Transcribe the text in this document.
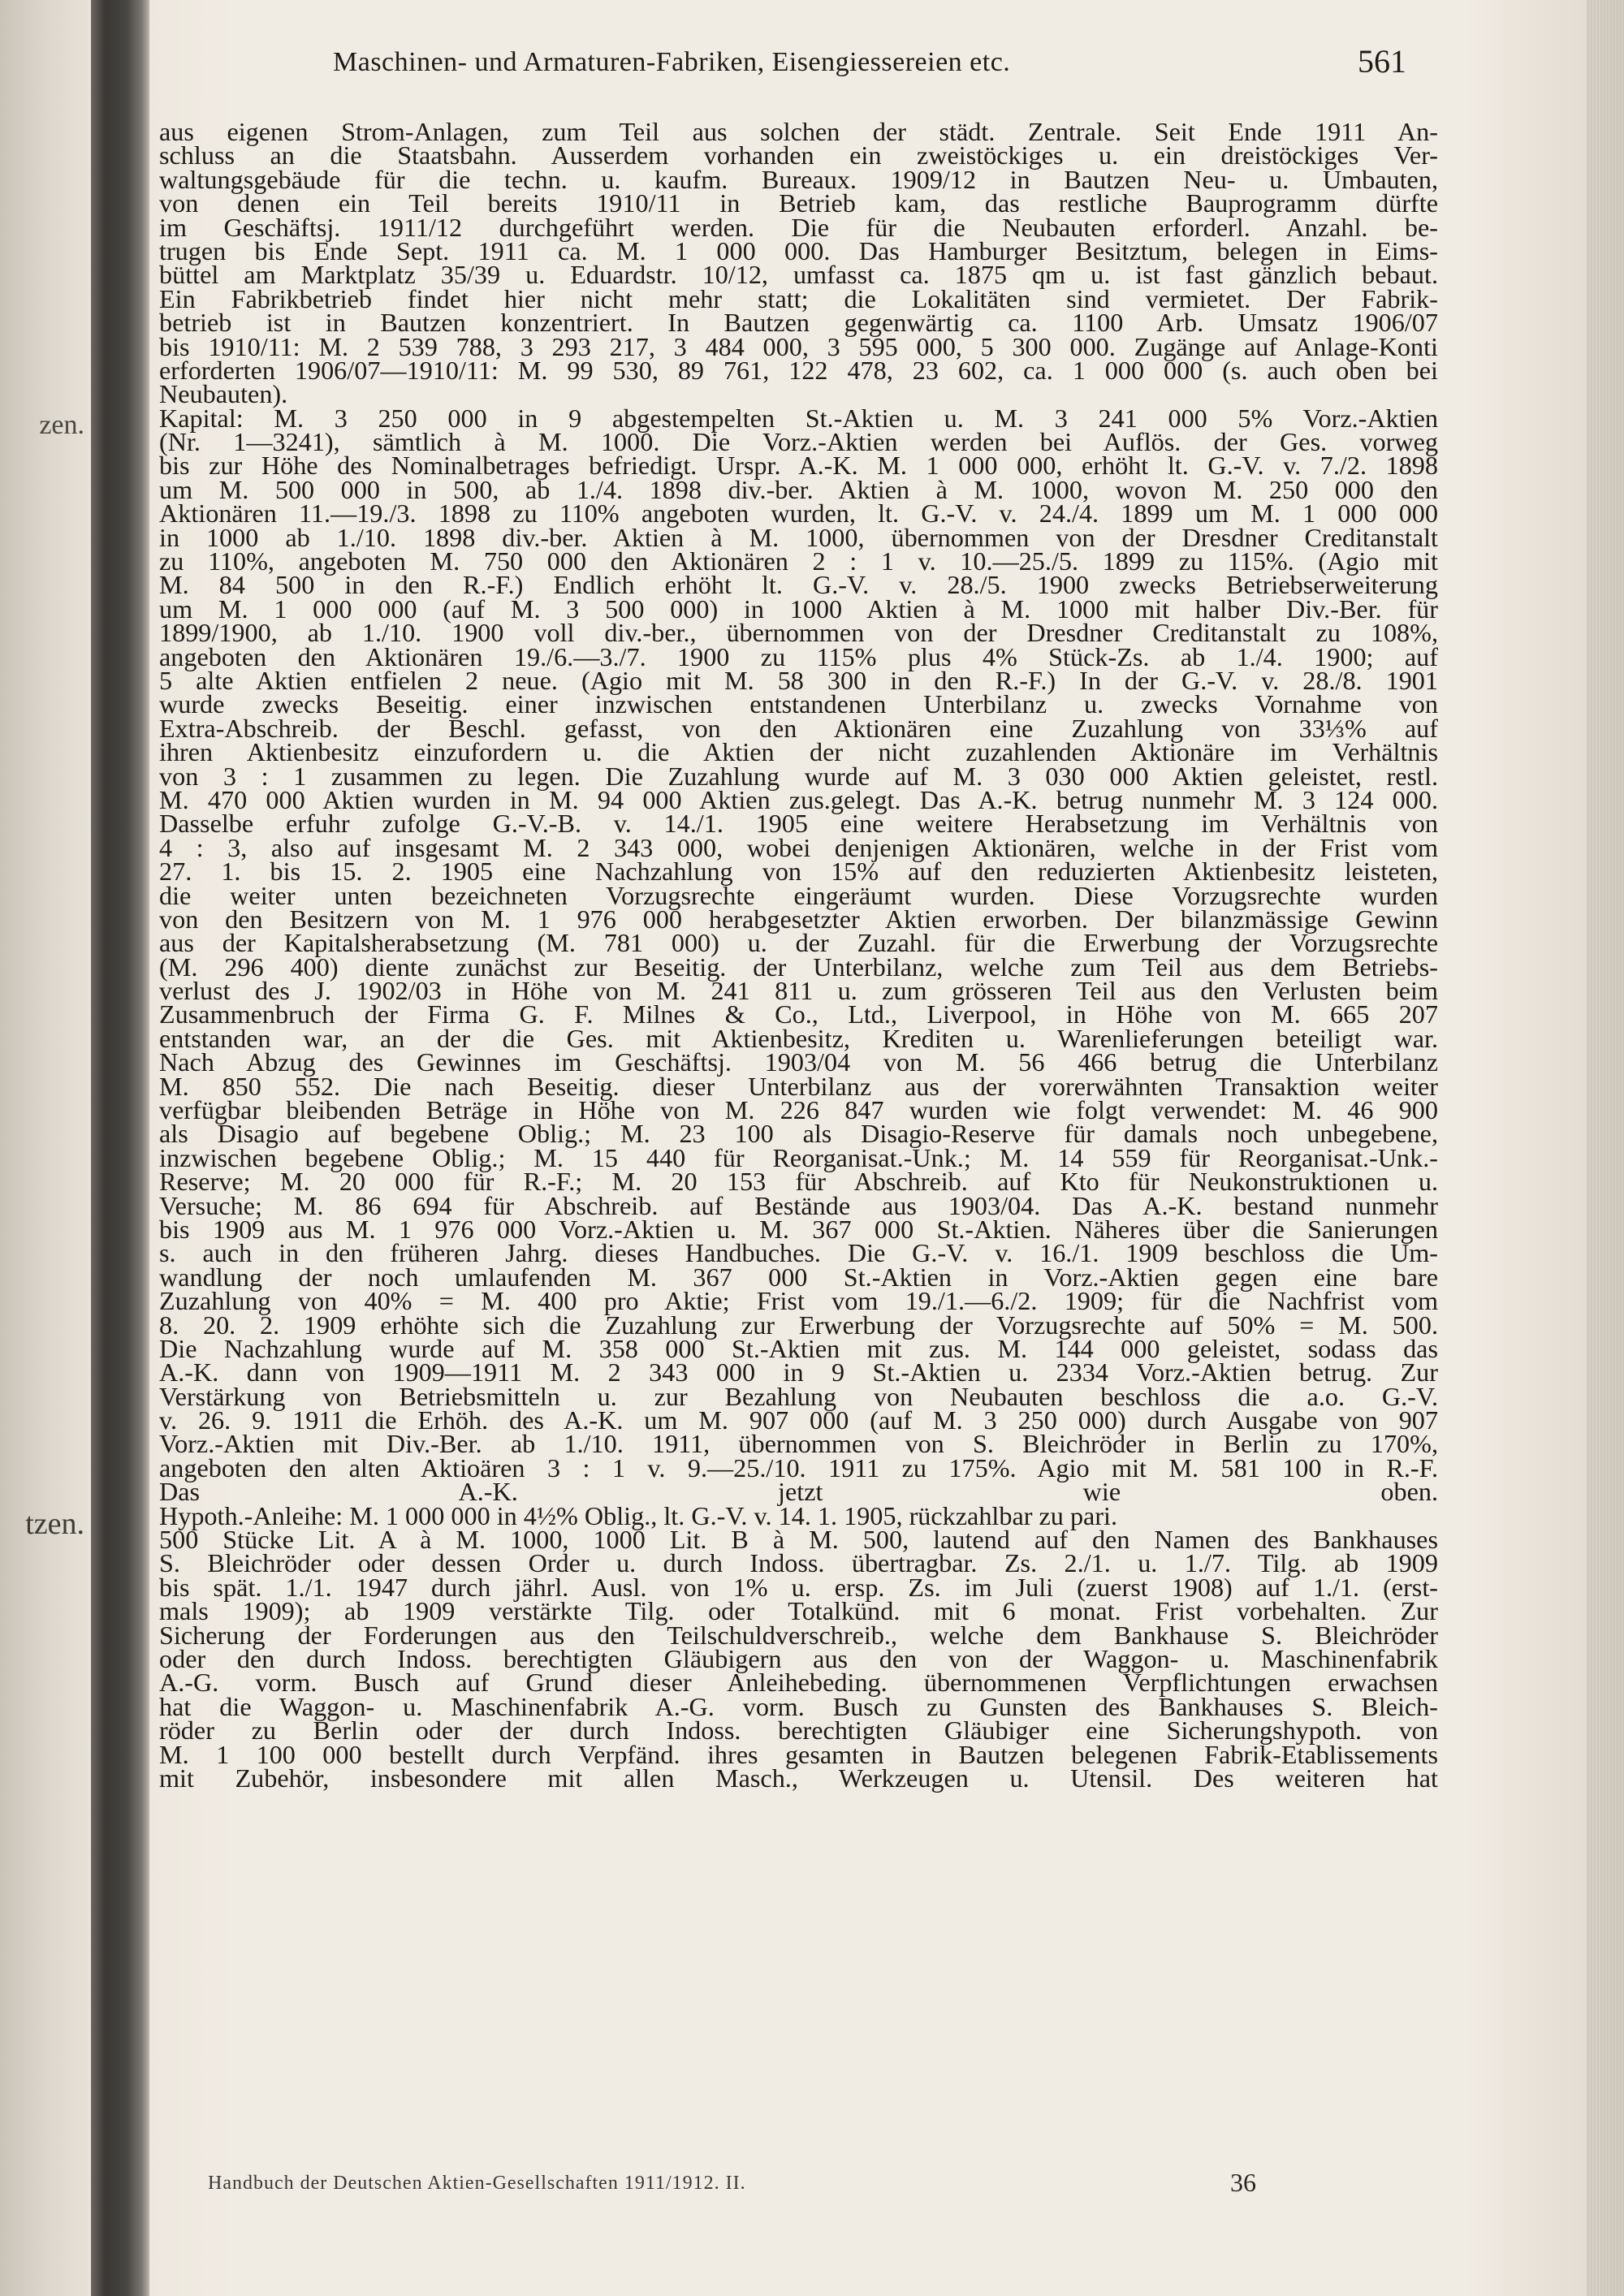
zen.
tzen.
Maschinen- und Armaturen-Fabriken, Eisengiessereien etc.	561
aus eigenen Strom-Anlagen, zum Teil aus solchen der städt. Zentrale. Seit Ende 1911 An-
schluss an die Staatsbahn. Ausserdem vorhanden ein zweistöckiges u. ein dreistöckiges Ver-
waltungsgebäude für die techn. u. kaufm. Bureaux. 1909/12 in Bautzen Neu- u. Umbauten,
von denen ein Teil bereits 1910/11 in Betrieb kam, das restliche Bauprogramm dürfte
im Geschäftsj. 1911/12 durchgeführt werden. Die für die Neubauten erforderl. Anzahl. be-
trugen bis Ende Sept. 1911 ca. M. 1 000 000. Das Hamburger Besitztum, belegen in Eims-
büttel am Marktplatz 35/39 u. Eduardstr. 10/12, umfasst ca. 1875 qm u. ist fast gänzlich bebaut.
Ein Fabrikbetrieb findet hier nicht mehr statt; die Lokalitäten sind vermietet. Der Fabrik-
betrieb ist in Bautzen konzentriert. In Bautzen gegenwärtig ca. 1100 Arb. Umsatz 1906/07
bis 1910/11: M. 2 539 788, 3 293 217, 3 484 000, 3 595 000, 5 300 000. Zugänge auf Anlage-Konti
erforderten 1906/07—1910/11: M. 99 530, 89 761, 122 478, 23 602, ca. 1 000 000 (s. auch oben bei
Neubauten).
Kapital: M. 3 250 000 in 9 abgestempelten St.-Aktien u. M. 3 241 000 5% Vorz.-Aktien
(Nr. 1—3241), sämtlich à M. 1000. Die Vorz.-Aktien werden bei Auflös. der Ges. vorweg
bis zur Höhe des Nominalbetrages befriedigt. Urspr. A.-K. M. 1 000 000, erhöht lt. G.-V. v. 7./2. 1898
um M. 500 000 in 500, ab 1./4. 1898 div.-ber. Aktien à M. 1000, wovon M. 250 000 den
Aktionären 11.—19./3. 1898 zu 110% angeboten wurden, lt. G.-V. v. 24./4. 1899 um M. 1 000 000
in 1000 ab 1./10. 1898 div.-ber. Aktien à M. 1000, übernommen von der Dresdner Creditanstalt
zu 110%, angeboten M. 750 000 den Aktionären 2 : 1 v. 10.—25./5. 1899 zu 115%. (Agio mit
M. 84 500 in den R.-F.) Endlich erhöht lt. G.-V. v. 28./5. 1900 zwecks Betriebserweiterung
um M. 1 000 000 (auf M. 3 500 000) in 1000 Aktien à M. 1000 mit halber Div.-Ber. für
1899/1900, ab 1./10. 1900 voll div.-ber., übernommen von der Dresdner Creditanstalt zu 108%,
angeboten den Aktionären 19./6.—3./7. 1900 zu 115% plus 4% Stück-Zs. ab 1./4. 1900; auf
5 alte Aktien entfielen 2 neue. (Agio mit M. 58 300 in den R.-F.) In der G.-V. v. 28./8. 1901
wurde zwecks Beseitig. einer inzwischen entstandenen Unterbilanz u. zwecks Vornahme von
Extra-Abschreib. der Beschl. gefasst, von den Aktionären eine Zuzahlung von 33⅓% auf
ihren Aktienbesitz einzufordern u. die Aktien der nicht zuzahlenden Aktionäre im Verhältnis
von 3 : 1 zusammen zu legen. Die Zuzahlung wurde auf M. 3 030 000 Aktien geleistet, restl.
M. 470 000 Aktien wurden in M. 94 000 Aktien zus.gelegt. Das A.-K. betrug nunmehr M. 3 124 000.
Dasselbe erfuhr zufolge G.-V.-B. v. 14./1. 1905 eine weitere Herabsetzung im Verhältnis von
4 : 3, also auf insgesamt M. 2 343 000, wobei denjenigen Aktionären, welche in der Frist vom
27. 1. bis 15. 2. 1905 eine Nachzahlung von 15% auf den reduzierten Aktienbesitz leisteten,
die weiter unten bezeichneten Vorzugsrechte eingeräumt wurden. Diese Vorzugsrechte wurden
von den Besitzern von M. 1 976 000 herabgesetzter Aktien erworben. Der bilanzmässige Gewinn
aus der Kapitalsherabsetzung (M. 781 000) u. der Zuzahl. für die Erwerbung der Vorzugsrechte
(M. 296 400) diente zunächst zur Beseitig. der Unterbilanz, welche zum Teil aus dem Betriebs-
verlust des J. 1902/03 in Höhe von M. 241 811 u. zum grösseren Teil aus den Verlusten beim
Zusammenbruch der Firma G. F. Milnes & Co., Ltd., Liverpool, in Höhe von M. 665 207
entstanden war, an der die Ges. mit Aktienbesitz, Krediten u. Warenlieferungen beteiligt war.
Nach Abzug des Gewinnes im Geschäftsj. 1903/04 von M. 56 466 betrug die Unterbilanz
M. 850 552. Die nach Beseitig. dieser Unterbilanz aus der vorerwähnten Transaktion weiter
verfügbar bleibenden Beträge in Höhe von M. 226 847 wurden wie folgt verwendet: M. 46 900
als Disagio auf begebene Oblig.; M. 23 100 als Disagio-Reserve für damals noch unbegebene,
inzwischen begebene Oblig.; M. 15 440 für Reorganisat.-Unk.; M. 14 559 für Reorganisat.-Unk.-
Reserve; M. 20 000 für R.-F.; M. 20 153 für Abschreib. auf Kto für Neukonstruktionen u.
Versuche; M. 86 694 für Abschreib. auf Bestände aus 1903/04. Das A.-K. bestand nunmehr
bis 1909 aus M. 1 976 000 Vorz.-Aktien u. M. 367 000 St.-Aktien. Näheres über die Sanierungen
s. auch in den früheren Jahrg. dieses Handbuches. Die G.-V. v. 16./1. 1909 beschloss die Um-
wandlung der noch umlaufenden M. 367 000 St.-Aktien in Vorz.-Aktien gegen eine bare
Zuzahlung von 40% = M. 400 pro Aktie; Frist vom 19./1.—6./2. 1909; für die Nachfrist vom
8. 20. 2. 1909 erhöhte sich die Zuzahlung zur Erwerbung der Vorzugsrechte auf 50% = M. 500.
Die Nachzahlung wurde auf M. 358 000 St.-Aktien mit zus. M. 144 000 geleistet, sodass das
A.-K. dann von 1909—1911 M. 2 343 000 in 9 St.-Aktien u. 2334 Vorz.-Aktien betrug. Zur
Verstärkung von Betriebsmitteln u. zur Bezahlung von Neubauten beschloss die a.o. G.-V.
v. 26. 9. 1911 die Erhöh. des A.-K. um M. 907 000 (auf M. 3 250 000) durch Ausgabe von 907
Vorz.-Aktien mit Div.-Ber. ab 1./10. 1911, übernommen von S. Bleichröder in Berlin zu 170%,
angeboten den alten Aktioären 3 : 1 v. 9.—25./10. 1911 zu 175%. Agio mit M. 581 100 in R.-F.
Das A.-K. jetzt wie oben.
Hypoth.-Anleihe: M. 1 000 000 in 4½% Oblig., lt. G.-V. v. 14. 1. 1905, rückzahlbar zu pari.
500 Stücke Lit. A à M. 1000, 1000 Lit. B à M. 500, lautend auf den Namen des Bankhauses
S. Bleichröder oder dessen Order u. durch Indoss. übertragbar. Zs. 2./1. u. 1./7. Tilg. ab 1909
bis spät. 1./1. 1947 durch jährl. Ausl. von 1% u. ersp. Zs. im Juli (zuerst 1908) auf 1./1. (erst-
mals 1909); ab 1909 verstärkte Tilg. oder Totalkünd. mit 6 monat. Frist vorbehalten. Zur
Sicherung der Forderungen aus den Teilschuldverschreib., welche dem Bankhause S. Bleichröder
oder den durch Indoss. berechtigten Gläubigern aus den von der Waggon- u. Maschinenfabrik
A.-G. vorm. Busch auf Grund dieser Anleihebeding. übernommenen Verpflichtungen erwachsen
hat die Waggon- u. Maschinenfabrik A.-G. vorm. Busch zu Gunsten des Bankhauses S. Bleich-
röder zu Berlin oder der durch Indoss. berechtigten Gläubiger eine Sicherungshypoth. von
M. 1 100 000 bestellt durch Verpfänd. ihres gesamten in Bautzen belegenen Fabrik-Etablissements
mit Zubehör, insbesondere mit allen Masch., Werkzeugen u. Utensil. Des weiteren hat
Handbuch der Deutschen Aktien-Gesellschaften 1911/1912. II.	36
